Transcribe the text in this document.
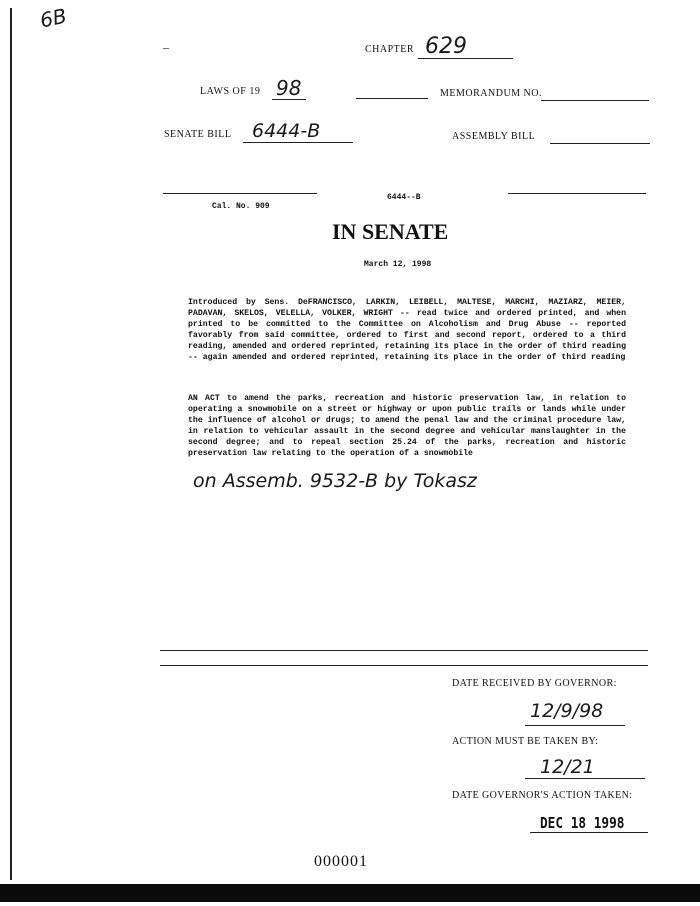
6B
–	CHAPTER 629
LAWS OF 19 98	MEMORANDUM NO.
SENATE BILL 6444-B	ASSEMBLY BILL
6444--B
Cal. No. 909
IN SENATE
March 12, 1998
Introduced by Sens. DeFRANCISCO, LARKIN, LEIBELL, MALTESE, MARCHI, MAZIARZ, MEIER, PADAVAN, SKELOS, VELELLA, VOLKER, WRIGHT -- read twice and ordered printed, and when printed to be committed to the Committee on Alcoholism and Drug Abuse -- reported favorably from said committee, ordered to first and second report, ordered to a third reading, amended and ordered reprinted, retaining its place in the order of third reading -- again amended and ordered reprinted, retaining its place in the order of third reading
AN ACT to amend the parks, recreation and historic preservation law, in relation to operating a snowmobile on a street or highway or upon public trails or lands while under the influence of alcohol or drugs; to amend the penal law and the criminal procedure law, in relation to vehicular assault in the second degree and vehicular manslaughter in the second degree; and to repeal section 25.24 of the parks, recreation and historic preservation law relating to the operation of a snowmobile
on Assemb. 9532-B by Tokasz
DATE RECEIVED BY GOVERNOR:
12/9/98
ACTION MUST BE TAKEN BY:
12/21
DATE GOVERNOR'S ACTION TAKEN:
DEC 18 1998
000001
